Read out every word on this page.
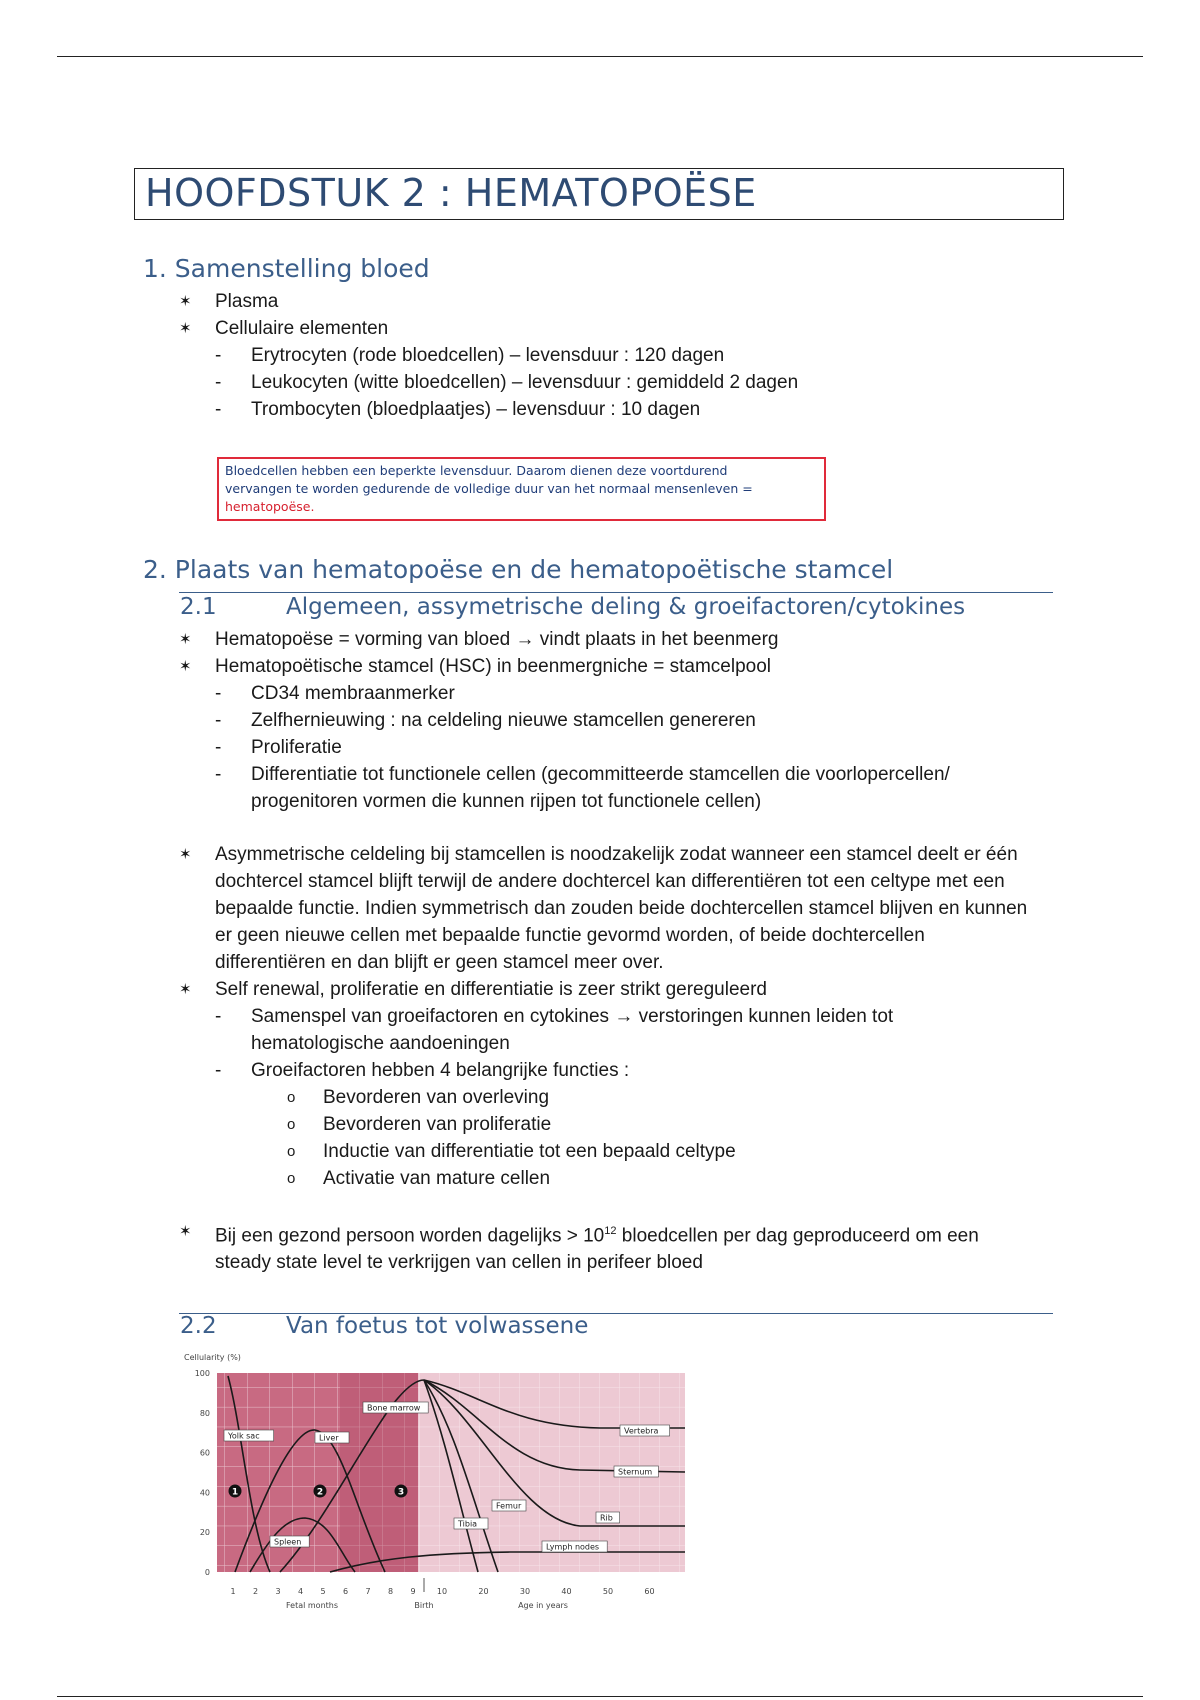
HOOFDSTUK 2 : HEMATOPOËSE
1. Samenstelling bloed
✶ Plasma
✶ Cellulaire elementen
- Erytrocyten (rode bloedcellen) – levensduur : 120 dagen
- Leukocyten (witte bloedcellen) – levensduur : gemiddeld 2 dagen
- Trombocyten (bloedplaatjes) – levensduur : 10 dagen
Bloedcellen hebben een beperkte levensduur. Daarom dienen deze voortdurend
vervangen te worden gedurende de volledige duur van het normaal mensenleven =
hematopoëse.
2. Plaats van hematopoëse en de hematopoëtische stamcel
2.1	Algemeen, assymetrische deling & groeifactoren/cytokines
✶ Hematopoëse = vorming van bloed → vindt plaats in het beenmerg
✶ Hematopoëtische stamcel (HSC) in beenmergniche = stamcelpool
- CD34 membraanmerker
- Zelfhernieuwing : na celdeling nieuwe stamcellen genereren
- Proliferatie
- Differentiatie tot functionele cellen (gecommitteerde stamcellen die voorlopercellen/ progenitoren vormen die kunnen rijpen tot functionele cellen)
✶ Asymmetrische celdeling bij stamcellen is noodzakelijk zodat wanneer een stamcel deelt er één dochtercel stamcel blijft terwijl de andere dochtercel kan differentiëren tot een celtype met een bepaalde functie. Indien symmetrisch dan zouden beide dochtercellen stamcel blijven en kunnen er geen nieuwe cellen met bepaalde functie gevormd worden, of beide dochtercellen differentiëren en dan blijft er geen stamcel meer over.
✶ Self renewal, proliferatie en differentiatie is zeer strikt gereguleerd
- Samenspel van groeifactoren en cytokines → verstoringen kunnen leiden tot hematologische aandoeningen
- Groeifactoren hebben 4 belangrijke functies :
o Bevorderen van overleving
o Bevorderen van proliferatie
o Inductie van differentiatie tot een bepaald celtype
o Activatie van mature cellen
✶ Bij een gezond persoon worden dagelijks > $10^{12}$ bloedcellen per dag geproduceerd om een steady state level te verkrijgen van cellen in perifeer bloed
2.2	Van foetus tot volwassene
Cellularity (%)
0
20
40
60
80
100
1 2 3 4 5 6 7 8 9	10	20	30	40	50	60
Fetal months	Birth	Age in years
Yolk sac	Liver
Spleen
Bone marrow
Vertebra
Sternum
Femur
Tibia
Rib
Lymph nodes
1	2	3
